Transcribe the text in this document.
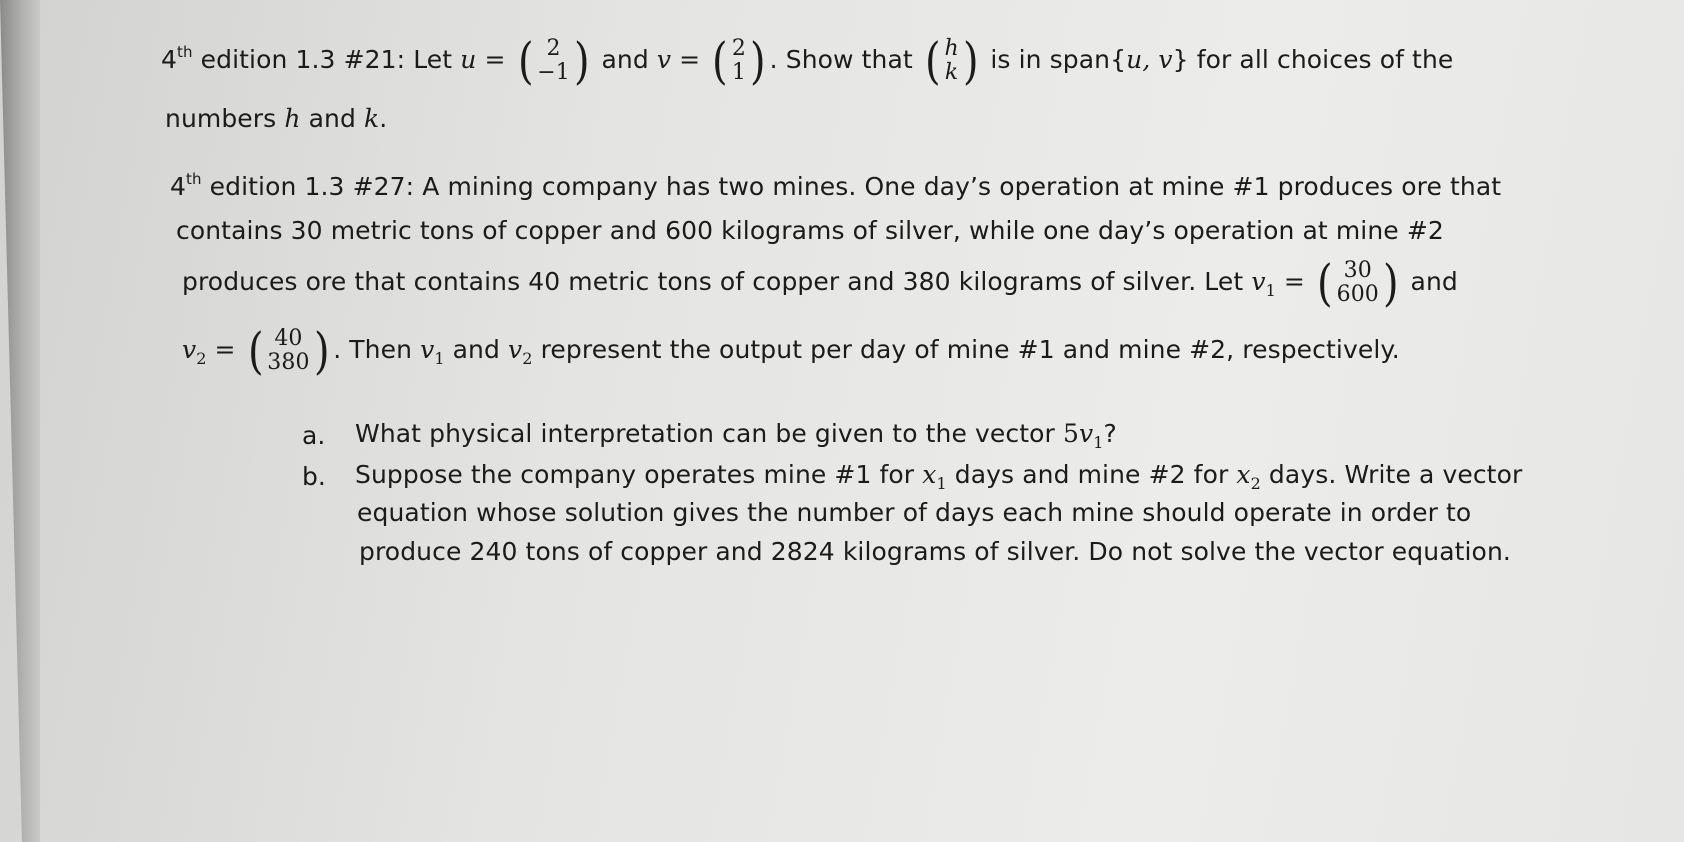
4th edition 1.3 #21: Let u = ( 2
−1 ) and v = ( 2
1 ) . Show that ( h
k ) is in span{u, v} for all choices of the
numbers h and k.
4th edition 1.3 #27: A mining company has two mines. One day’s operation at mine #1 produces ore that
contains 30 metric tons of copper and 600 kilograms of silver, while one day’s operation at mine #2
produces ore that contains 40 metric tons of copper and 380 kilograms of silver. Let $v_1$ = ( 30
600 ) and
$v_2$ = ( 40
380 ) . Then $v_1$ and $v_2$ represent the output per day of mine #1 and mine #2, respectively.
a. What physical interpretation can be given to the vector $5v_1$?
b. Suppose the company operates mine #1 for $x_1$ days and mine #2 for $x_2$ days. Write a vector
equation whose solution gives the number of days each mine should operate in order to
produce 240 tons of copper and 2824 kilograms of silver. Do not solve the vector equation.
